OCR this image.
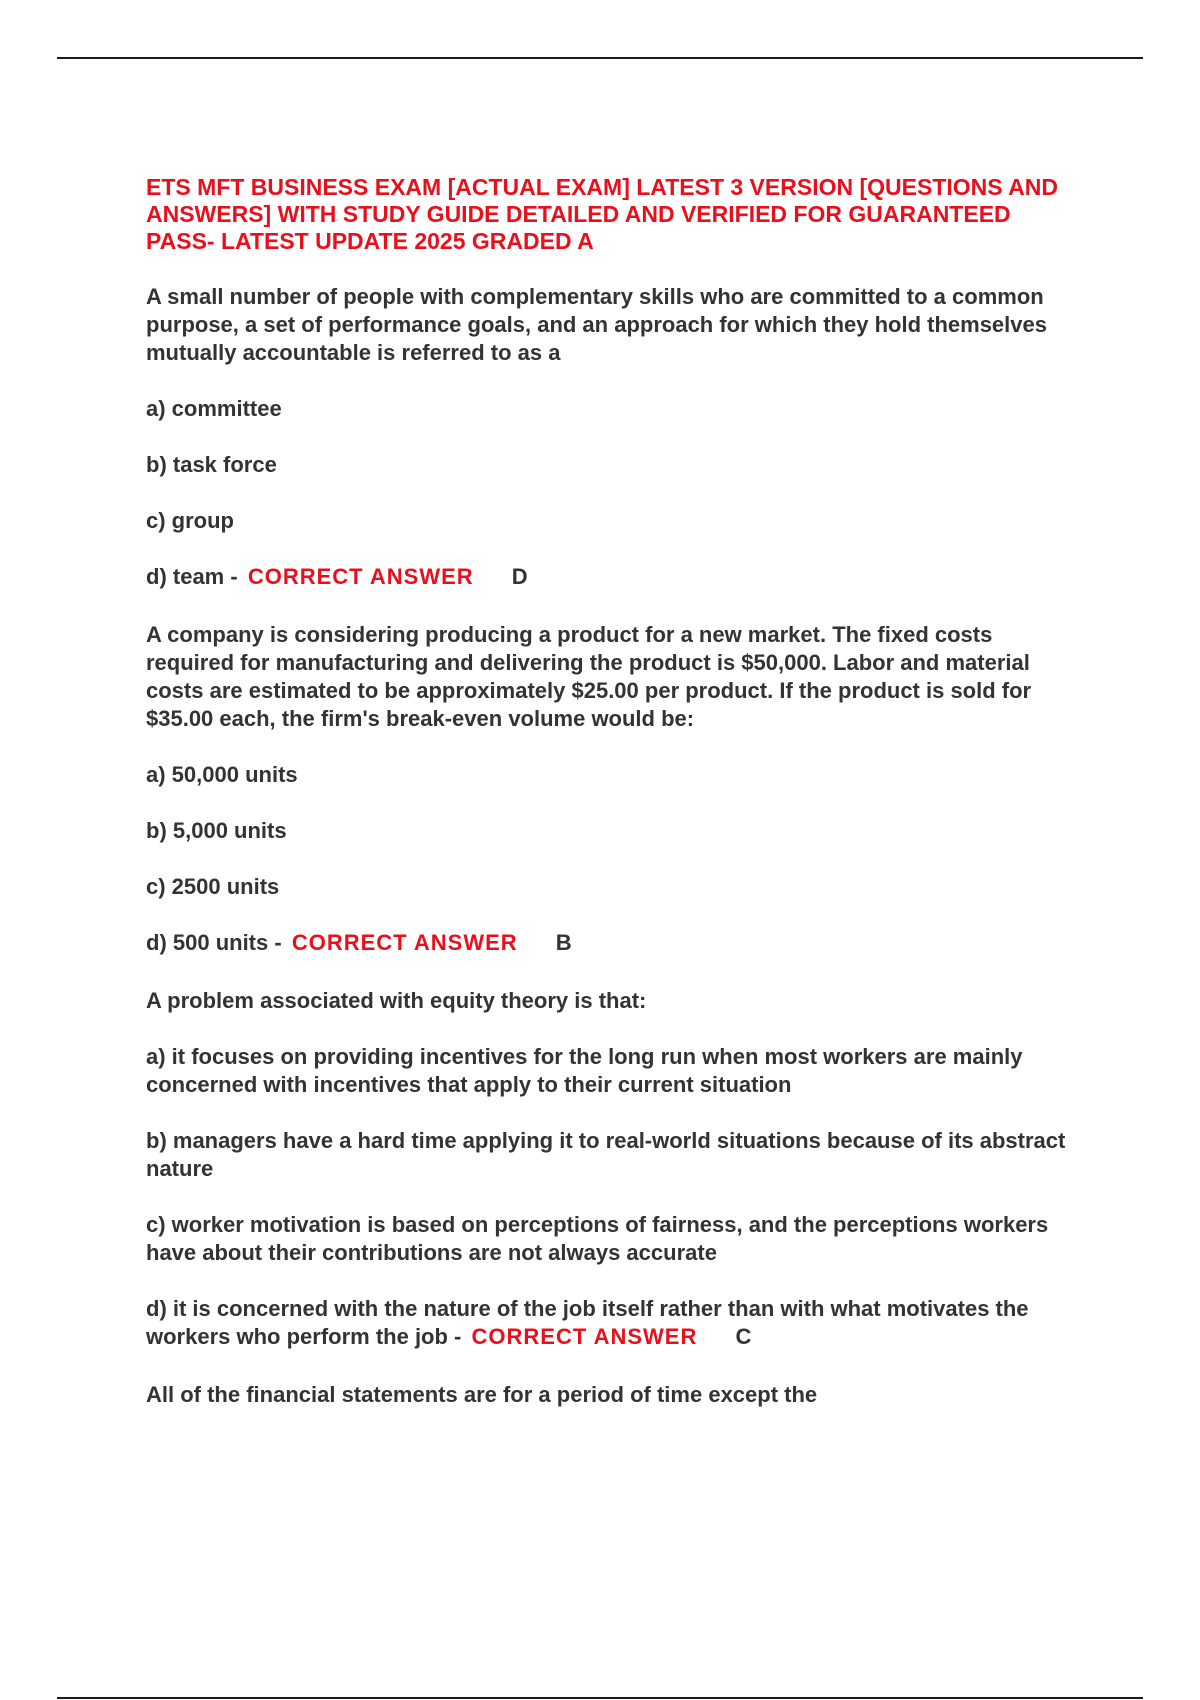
ETS MFT BUSINESS EXAM [ACTUAL EXAM] LATEST 3 VERSION [QUESTIONS AND ANSWERS] WITH STUDY GUIDE DETAILED AND VERIFIED FOR GUARANTEED PASS- LATEST UPDATE 2025 GRADED A
A small number of people with complementary skills who are committed to a common purpose, a set of performance goals, and an approach for which they hold themselves mutually accountable is referred to as a
a) committee
b) task force
c) group
d) team - CORRECT ANSWER D
A company is considering producing a product for a new market. The fixed costs required for manufacturing and delivering the product is $50,000. Labor and material costs are estimated to be approximately $25.00 per product. If the product is sold for $35.00 each, the firm's break-even volume would be:
a) 50,000 units
b) 5,000 units
c) 2500 units
d) 500 units - CORRECT ANSWER B
A problem associated with equity theory is that:
a) it focuses on providing incentives for the long run when most workers are mainly concerned with incentives that apply to their current situation
b) managers have a hard time applying it to real-world situations because of its abstract nature
c) worker motivation is based on perceptions of fairness, and the perceptions workers have about their contributions are not always accurate
d) it is concerned with the nature of the job itself rather than with what motivates the workers who perform the job - CORRECT ANSWER C
All of the financial statements are for a period of time except the
